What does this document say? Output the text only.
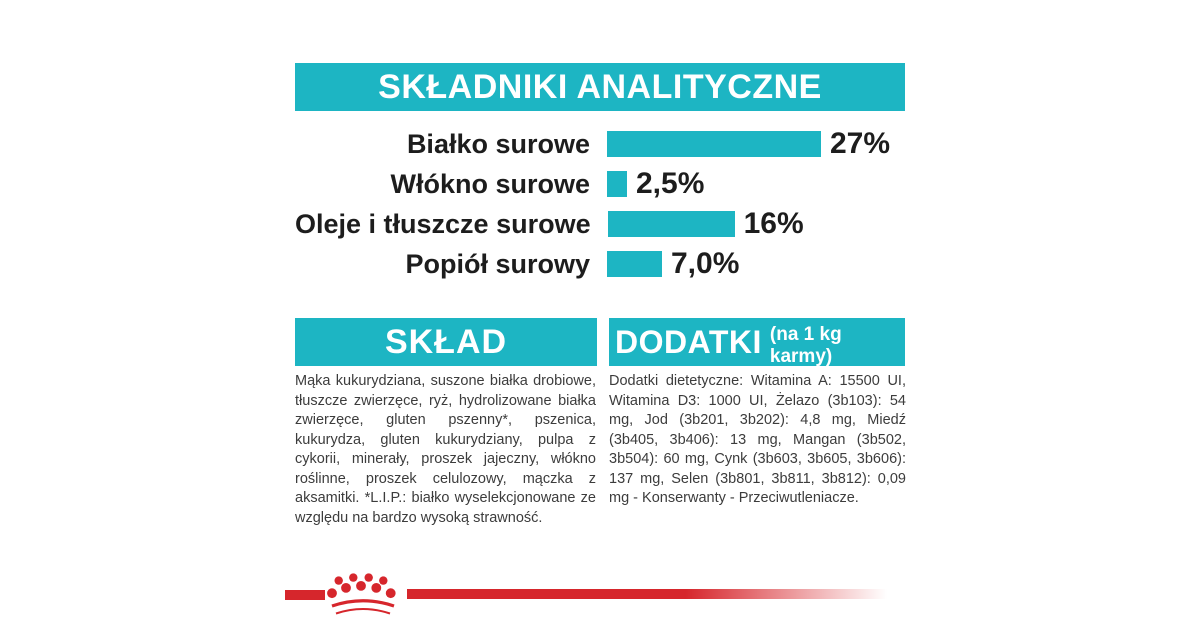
SKŁADNIKI ANALITYCZNE
Białko surowe	27%
Włókno surowe	2,5%
Oleje i tłuszcze surowe	16%
Popiół surowy	7,0%
SKŁAD
Mąka kukurydziana, suszone białka drobiowe, tłuszcze zwierzęce, ryż, hydrolizowane białka zwierzęce, gluten pszenny*, pszenica, kukurydza, gluten kukurydziany, pulpa z cykorii, minerały, proszek jajeczny, włókno roślinne, proszek celulozowy, mączka z aksamitki. *L.I.P.: białko wyselekcjonowane ze względu na bardzo wysoką strawność.
DODATKI (na 1 kg karmy)
Dodatki dietetyczne: Witamina A: 15500 UI, Witamina D3: 1000 UI, Żelazo (3b103): 54 mg, Jod (3b201, 3b202): 4,8 mg, Miedź (3b405, 3b406): 13 mg, Mangan (3b502, 3b504): 60 mg, Cynk (3b603, 3b605, 3b606): 137 mg, Selen (3b801, 3b811, 3b812): 0,09 mg - Konserwanty - Przeciwutleniacze.
